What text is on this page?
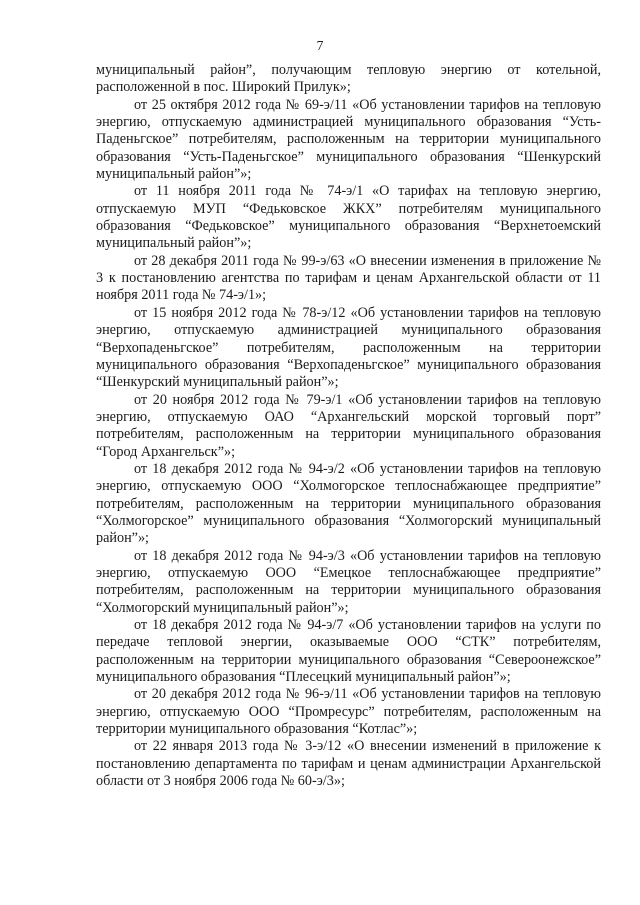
7

муниципальный район”, получающим тепловую энергию от котельной, расположенной в пос. Широкий Прилук»;

от 25 октября 2012 года № 69-э/11 «Об установлении тарифов на тепловую энергию, отпускаемую администрацией муниципального образования “Усть-Паденьгское” потребителям, расположенным на территории муниципального образования “Усть-Паденьгское” муниципального образования “Шенкурский муниципальный район”»;

от 11 ноября 2011 года № 74-э/1 «О тарифах на тепловую энергию, отпускаемую МУП “Федьковское ЖКХ” потребителям муниципального образования “Федьковское” муниципального образования “Верхнетоемский муниципальный район”»;

от 28 декабря 2011 года № 99-э/63 «О внесении изменения в приложение № 3 к постановлению агентства по тарифам и ценам Архангельской области от 11 ноября 2011 года № 74-э/1»;

от 15 ноября 2012 года № 78-э/12 «Об установлении тарифов на тепловую энергию, отпускаемую администрацией муниципального образования “Верхопаденьгское” потребителям, расположенным на территории муниципального образования “Верхопаденьгское” муниципального образования “Шенкурский муниципальный район”»;

от 20 ноября 2012 года № 79-э/1 «Об установлении тарифов на тепловую энергию, отпускаемую ОАО “Архангельский морской торговый порт” потребителям, расположенным на территории муниципального образования “Город Архангельск”»;

от 18 декабря 2012 года № 94-э/2 «Об установлении тарифов на тепловую энергию, отпускаемую ООО “Холмогорское теплоснабжающее предприятие” потребителям, расположенным на территории муниципального образования “Холмогорское” муниципального образования “Холмогорский муниципальный район”»;

от 18 декабря 2012 года № 94-э/3 «Об установлении тарифов на тепловую энергию, отпускаемую ООО “Емецкое теплоснабжающее предприятие” потребителям, расположенным на территории муниципального образования “Холмогорский муниципальный район”»;

от 18 декабря 2012 года № 94-э/7 «Об установлении тарифов на услуги по передаче тепловой энергии, оказываемые ООО “СТК” потребителям, расположенным на территории муниципального образования “Североонежское” муниципального образования “Плесецкий муниципальный район”»;

от 20 декабря 2012 года № 96-э/11 «Об установлении тарифов на тепловую энергию, отпускаемую ООО “Промресурс” потребителям, расположенным на территории муниципального образования “Котлас”»;

от 22 января 2013 года № 3-э/12 «О внесении изменений в приложение к постановлению департамента по тарифам и ценам администрации Архангельской области от 3 ноября 2006 года № 60-э/3»;
